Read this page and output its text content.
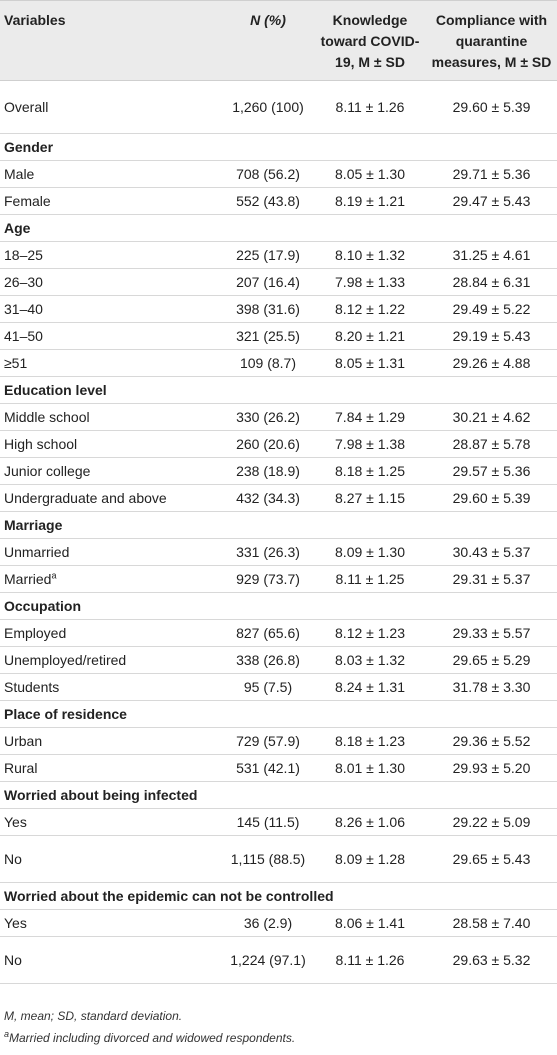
Variables	N (%)	Knowledge toward COVID-19, M ± SD	Compliance with quarantine measures, M ± SD
Overall	1,260 (100)	8.11 ± 1.26	29.60 ± 5.39
Gender			
Male	708 (56.2)	8.05 ± 1.30	29.71 ± 5.36
Female	552 (43.8)	8.19 ± 1.21	29.47 ± 5.43
Age			
18–25	225 (17.9)	8.10 ± 1.32	31.25 ± 4.61
26–30	207 (16.4)	7.98 ± 1.33	28.84 ± 6.31
31–40	398 (31.6)	8.12 ± 1.22	29.49 ± 5.22
41–50	321 (25.5)	8.20 ± 1.21	29.19 ± 5.43
≥51	109 (8.7)	8.05 ± 1.31	29.26 ± 4.88
Education level			
Middle school	330 (26.2)	7.84 ± 1.29	30.21 ± 4.62
High school	260 (20.6)	7.98 ± 1.38	28.87 ± 5.78
Junior college	238 (18.9)	8.18 ± 1.25	29.57 ± 5.36
Undergraduate and above	432 (34.3)	8.27 ± 1.15	29.60 ± 5.39
Marriage			
Unmarried	331 (26.3)	8.09 ± 1.30	30.43 ± 5.37
Married$^a$	929 (73.7)	8.11 ± 1.25	29.31 ± 5.37
Occupation			
Employed	827 (65.6)	8.12 ± 1.23	29.33 ± 5.57
Unemployed/retired	338 (26.8)	8.03 ± 1.32	29.65 ± 5.29
Students	95 (7.5)	8.24 ± 1.31	31.78 ± 3.30
Place of residence			
Urban	729 (57.9)	8.18 ± 1.23	29.36 ± 5.52
Rural	531 (42.1)	8.01 ± 1.30	29.93 ± 5.20
Worried about being infected			
Yes	145 (11.5)	8.26 ± 1.06	29.22 ± 5.09
No	1,115 (88.5)	8.09 ± 1.28	29.65 ± 5.43
Worried about the epidemic can not be controlled			
Yes	36 (2.9)	8.06 ± 1.41	28.58 ± 7.40
No	1,224 (97.1)	8.11 ± 1.26	29.63 ± 5.32
M, mean; SD, standard deviation.
$^a$Married including divorced and widowed respondents.
